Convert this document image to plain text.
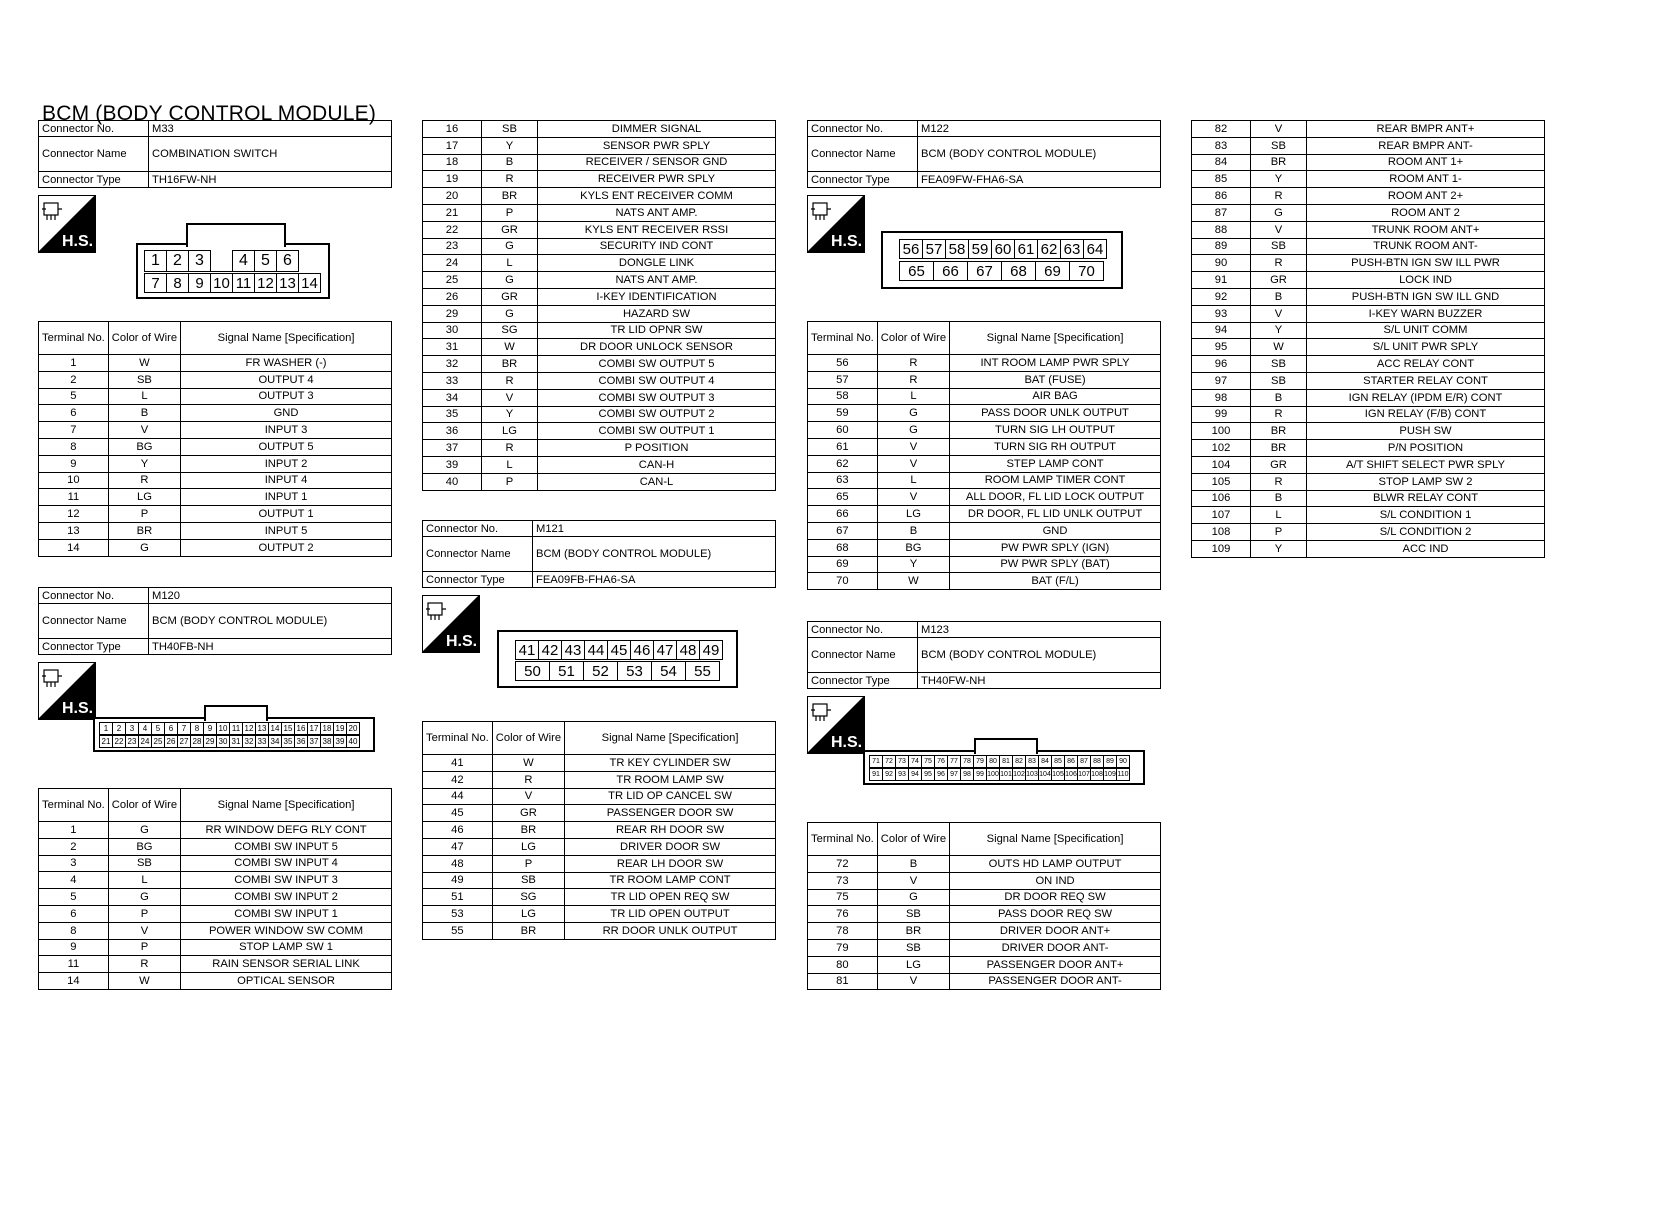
BCM (BODY CONTROL MODULE)
Connector No.	M33
Connector Name	COMBINATION SWITCH
Connector Type	TH16FW-NH
H.S.
1 2 3	4 5 6
7 8 9 10 11 12 13 14
Terminal No.	Color of Wire	Signal Name [Specification]
1	W	FR WASHER (-)
2	SB	OUTPUT 4
5	L	OUTPUT 3
6	B	GND
7	V	INPUT 3
8	BG	OUTPUT 5
9	Y	INPUT 2
10	R	INPUT 4
11	LG	INPUT 1
12	P	OUTPUT 1
13	BR	INPUT 5
14	G	OUTPUT 2
Connector No.	M120
Connector Name	BCM (BODY CONTROL MODULE)
Connector Type	TH40FB-NH
H.S.
1	2	3	4	5	6	7	8	9 10 11 12 13 14 15 16 17 18 19 20
21 22 23 24 25 26 27 28 29 30 31 32 33 34 35 36 37 38 39 40
Terminal No.	Color of Wire	Signal Name [Specification]
1	G	RR WINDOW DEFG RLY CONT
2	BG	COMBI SW INPUT 5
3	SB	COMBI SW INPUT 4
4	L	COMBI SW INPUT 3
5	G	COMBI SW INPUT 2
6	P	COMBI SW INPUT 1
8	V	POWER WINDOW SW COMM
9	P	STOP LAMP SW 1
11	R	RAIN SENSOR SERIAL LINK
14	W	OPTICAL SENSOR
16	SB	DIMMER SIGNAL
17	Y	SENSOR PWR SPLY
18	B	RECEIVER / SENSOR GND
19	R	RECEIVER PWR SPLY
20	BR	KYLS ENT RECEIVER COMM
21	P	NATS ANT AMP.
22	GR	KYLS ENT RECEIVER RSSI
23	G	SECURITY IND CONT
24	L	DONGLE LINK
25	G	NATS ANT AMP.
26	GR	I-KEY IDENTIFICATION
29	G	HAZARD SW
30	SG	TR LID OPNR SW
31	W	DR DOOR UNLOCK SENSOR
32	BR	COMBI SW OUTPUT 5
33	R	COMBI SW OUTPUT 4
34	V	COMBI SW OUTPUT 3
35	Y	COMBI SW OUTPUT 2
36	LG	COMBI SW OUTPUT 1
37	R	P POSITION
39	L	CAN-H
40	P	CAN-L
Connector No.	M121
Connector Name	BCM (BODY CONTROL MODULE)
Connector Type	FEA09FB-FHA6-SA
H.S.	41 42 43 44 45 46 47 48 49
50	51	52	53	54	55
Terminal No.	Color of Wire	Signal Name [Specification]
41	W	TR KEY CYLINDER SW
42	R	TR ROOM LAMP SW
44	V	TR LID OP CANCEL SW
45	GR	PASSENGER DOOR SW
46	BR	REAR RH DOOR SW
47	LG	DRIVER DOOR SW
48	P	REAR LH DOOR SW
49	SB	TR ROOM LAMP CONT
51	SG	TR LID OPEN REQ SW
53	LG	TR LID OPEN OUTPUT
55	BR	RR DOOR UNLK OUTPUT
Connector No.	M122
Connector Name	BCM (BODY CONTROL MODULE)
Connector Type	FEA09FW-FHA6-SA
H.S.	56 57 58 59 60 61 62 63 64
65	66	67	68	69	70
Terminal No.	Color of Wire	Signal Name [Specification]
56	R	INT ROOM LAMP PWR SPLY
57	R	BAT (FUSE)
58	L	AIR BAG
59	G	PASS DOOR UNLK OUTPUT
60	G	TURN SIG LH OUTPUT
61	V	TURN SIG RH OUTPUT
62	V	STEP LAMP CONT
63	L	ROOM LAMP TIMER CONT
65	V	ALL DOOR, FL LID LOCK OUTPUT
66	LG	DR DOOR, FL LID UNLK OUTPUT
67	B	GND
68	BG	PW PWR SPLY (IGN)
69	Y	PW PWR SPLY (BAT)
70	W	BAT (F/L)
Connector No.	M123
Connector Name	BCM (BODY CONTROL MODULE)
Connector Type	TH40FW-NH
H.S.
71 72 73 74 75 76 77 78 79 80 81 82 83 84 85 86 87 88 89 90
91 92 93 94 95 96 97 98 99 100 101 102 103 104 105 106 107 108 109 110
Terminal No.	Color of Wire	Signal Name [Specification]
72	B	OUTS HD LAMP OUTPUT
73	V	ON IND
75	G	DR DOOR REQ SW
76	SB	PASS DOOR REQ SW
78	BR	DRIVER DOOR ANT+
79	SB	DRIVER DOOR ANT-
80	LG	PASSENGER DOOR ANT+
81	V	PASSENGER DOOR ANT-
82	V	REAR BMPR ANT+
83	SB	REAR BMPR ANT-
84	BR	ROOM ANT 1+
85	Y	ROOM ANT 1-
86	R	ROOM ANT 2+
87	G	ROOM ANT 2
88	V	TRUNK ROOM ANT+
89	SB	TRUNK ROOM ANT-
90	R	PUSH-BTN IGN SW ILL PWR
91	GR	LOCK IND
92	B	PUSH-BTN IGN SW ILL GND
93	V	I-KEY WARN BUZZER
94	Y	S/L UNIT COMM
95	W	S/L UNIT PWR SPLY
96	SB	ACC RELAY CONT
97	SB	STARTER RELAY CONT
98	B	IGN RELAY (IPDM E/R) CONT
99	R	IGN RELAY (F/B) CONT
100	BR	PUSH SW
102	BR	P/N POSITION
104	GR	A/T SHIFT SELECT PWR SPLY
105	R	STOP LAMP SW 2
106	B	BLWR RELAY CONT
107	L	S/L CONDITION 1
108	P	S/L CONDITION 2
109	Y	ACC IND
